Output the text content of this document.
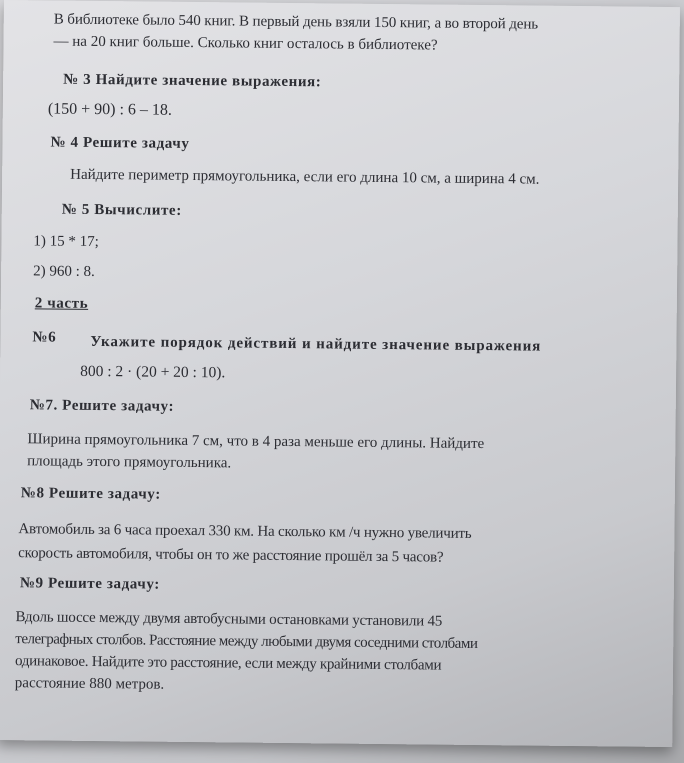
В библиотеке было 540 книг. В первый день взяли 150 книг, а во второй день
— на 20 книг больше. Сколько книг осталось в библиотеке?
№ 3 Найдите значение выражения:
(150 + 90) : 6 – 18.
№ 4 Решите задачу
Найдите периметр прямоугольника, если его длина 10 см, а ширина 4 см.
№ 5 Вычислите:
1) 15 * 17;
2) 960 : 8.
2 часть
№6 Укажите порядок действий и найдите значение выражения
800 : 2 · (20 + 20 : 10).
№7. Решите задачу:
Ширина прямоугольника 7 см, что в 4 раза меньше его длины. Найдите
площадь этого прямоугольника.
№8 Решите задачу:
Автомобиль за 6 часа проехал 330 км. На сколько км /ч нужно увеличить
скорость автомобиля, чтобы он то же расстояние прошёл за 5 часов?
№9 Решите задачу:
Вдоль шоссе между двумя автобусными остановками установили 45
телеграфных столбов. Расстояние между любыми двумя соседними столбами
одинаковое. Найдите это расстояние, если между крайними столбами
расстояние 880 метров.
